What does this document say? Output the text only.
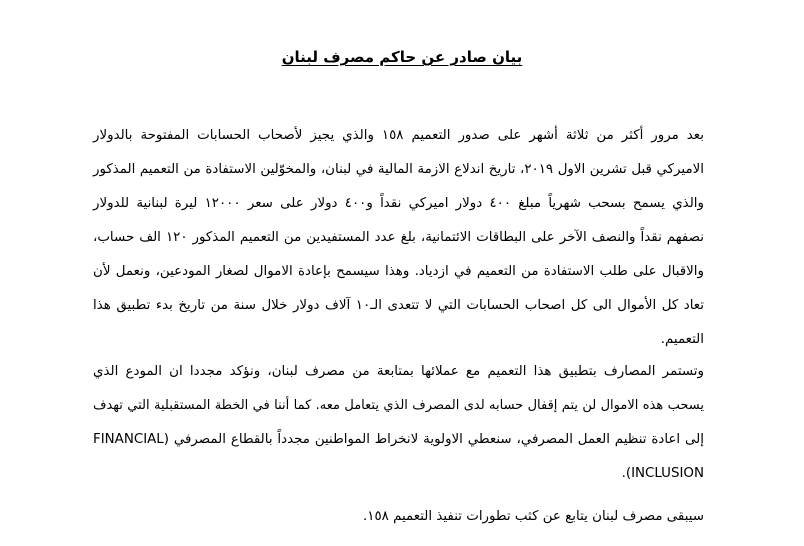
بيان صادر عن حاكم مصرف لبنان
بعد مرور أكثر من ثلاثة أشهر على صدور التعميم ١٥٨ والذي يجيز لأصحاب الحسابات المفتوحة بالدولار
الاميركي قبل تشرين الاول ٢٠١٩، تاريخ اندلاع الازمة المالية في لبنان، والمخوّلين الاستفادة من التعميم المذكور
والذي يسمح بسحب شهرياً مبلغ ٤٠٠ دولار اميركي نقداً و٤٠٠ دولار على سعر ١٢٠٠٠ ليرة لبنانية للدولار
نصفهم نقداً والنصف الآخر على البطاقات الائتمانية، بلغ عدد المستفيدين من التعميم المذكور ١٢٠ الف حساب،
والاقبال على طلب الاستفادة من التعميم في ازدياد. وهذا سيسمح بإعادة الاموال لصغار المودعين، ونعمل لأن
تعاد كل الأموال الى كل اصحاب الحسابات التي لا تتعدى الـ١٠ آلاف دولار خلال سنة من تاريخ بدء تطبيق هذا
التعميم.
وتستمر المصارف بتطبيق هذا التعميم مع عملائها بمتابعة من مصرف لبنان، ونؤكد مجددا ان المودع الذي
يسحب هذه الاموال لن يتم إقفال حسابه لدى المصرف الذي يتعامل معه. كما أننا في الخطة المستقبلية التي تهدف
إلى اعادة تنظيم العمل المصرفي، سنعطي الاولوية لانخراط المواطنين مجدداً بالقطاع المصرفي (FINANCIAL
INCLUSION).
سيبقى مصرف لبنان يتابع عن كثب تطورات تنفيذ التعميم ١٥٨.
